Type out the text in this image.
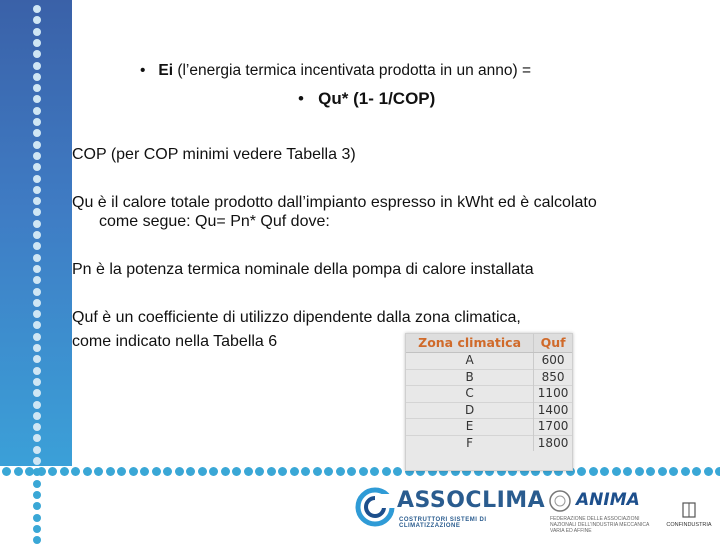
•   Ei (l’energia termica incentivata prodotta in un anno) =
•   Qu* (1- 1/COP)
COP (per COP minimi vedere Tabella 3)
Qu è il calore totale prodotto dall’impianto espresso in kWht ed è calcolato
come segue: Qu= Pn* Quf dove:
Pn è la potenza termica nominale della pompa di calore installata
Quf è un coefficiente di utilizzo dipendente dalla zona climatica,
come indicato nella Tabella 6	Zona climatica	Quf
A	600
B	850
C	1100
D	1400
E	1700
F	1800
ASSOCLIMA
COSTRUTTORI SISTEMI DI CLIMATIZZAZIONE
ANIMA
FEDERAZIONE DELLE ASSOCIAZIONI NAZIONALI DELL'INDUSTRIA MECCANICA VARIA ED AFFINE
CONFINDUSTRIA
